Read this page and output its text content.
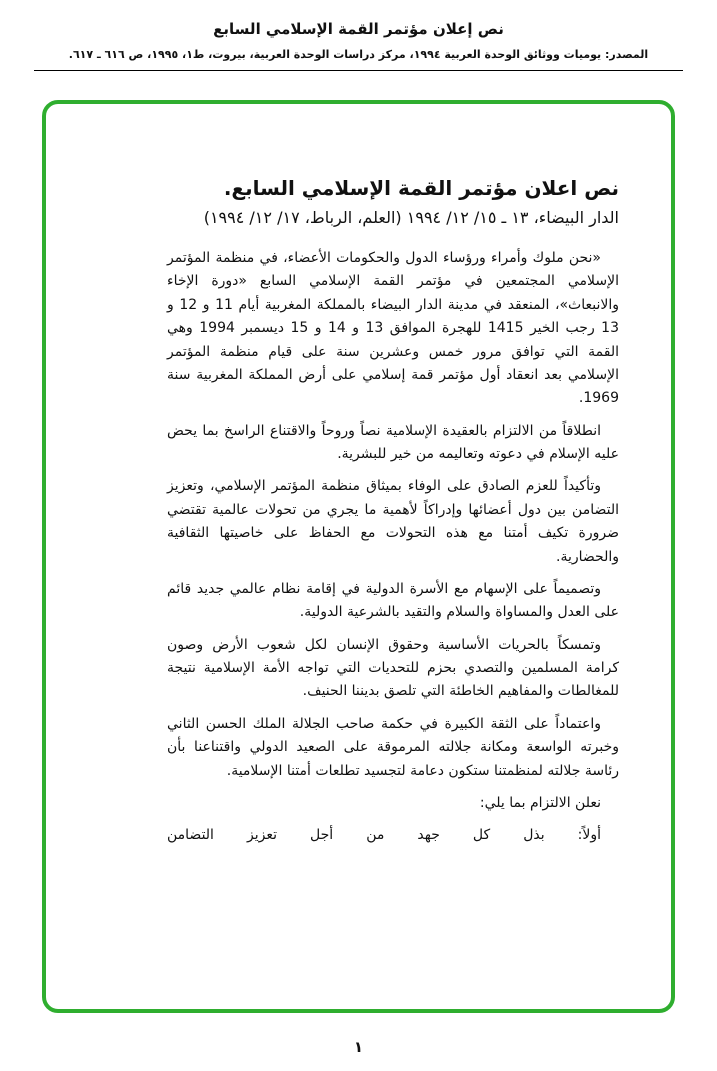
نص إعلان مؤتمر القمة الإسلامي السابع
المصدر: يوميات ووثائق الوحدة العربية ١٩٩٤، مركز دراسات الوحدة العربية، بيروت، ط١، ١٩٩٥، ص ٦١٦ ـ ٦١٧.
نص اعلان مؤتمر القمة الإسلامي السابع.
الدار البيضاء، ١٣ ـ ١٥/ ١٢/ ١٩٩٤ (العلم، الرباط، ١٧/ ١٢/ ١٩٩٤)

«نحن ملوك وأمراء ورؤساء الدول والحكومات الأعضاء، في منظمة المؤتمر الإسلامي المجتمعين في مؤتمر القمة الإسلامي السابع «دورة الإخاء والانبعاث»، المنعقد في مدينة الدار البيضاء بالمملكة المغربية أيام 11 و 12 و 13 رجب الخير 1415 للهجرة الموافق 13 و 14 و 15 ديسمبر 1994 وهي القمة التي توافق مرور خمس وعشرين سنة على قيام منظمة المؤتمر الإسلامي بعد انعقاد أول مؤتمر قمة إسلامي على أرض المملكة المغربية سنة 1969.

انطلاقاً من الالتزام بالعقيدة الإسلامية نصاً وروحاً والاقتناع الراسخ بما يحض عليه الإسلام في دعوته وتعاليمه من خير للبشرية.

وتأكيداً للعزم الصادق على الوفاء بميثاق منظمة المؤتمر الإسلامي، وتعزيز التضامن بين دول أعضائها وإدراكاً لأهمية ما يجري من تحولات عالمية تقتضي ضرورة تكيف أمتنا مع هذه التحولات مع الحفاظ على خاصيتها الثقافية والحضارية.

وتصميماً على الإسهام مع الأسرة الدولية في إقامة نظام عالمي جديد قائم على العدل والمساواة والسلام والتقيد بالشرعية الدولية.

وتمسكاً بالحريات الأساسية وحقوق الإنسان لكل شعوب الأرض وصون كرامة المسلمين والتصدي بحزم للتحديات التي تواجه الأمة الإسلامية نتيجة للمغالطات والمفاهيم الخاطئة التي تلصق بديننا الحنيف.

واعتماداً على الثقة الكبيرة في حكمة صاحب الجلالة الملك الحسن الثاني وخبرته الواسعة ومكانة جلالته المرموقة على الصعيد الدولي واقتناعنا بأن رئاسة جلالته لمنظمتنا ستكون دعامة لتجسيد تطلعات أمتنا الإسلامية.

نعلن الالتزام بما يلي:

أولاً: بذل كل جهد من أجل تعزيز التضامن

١
